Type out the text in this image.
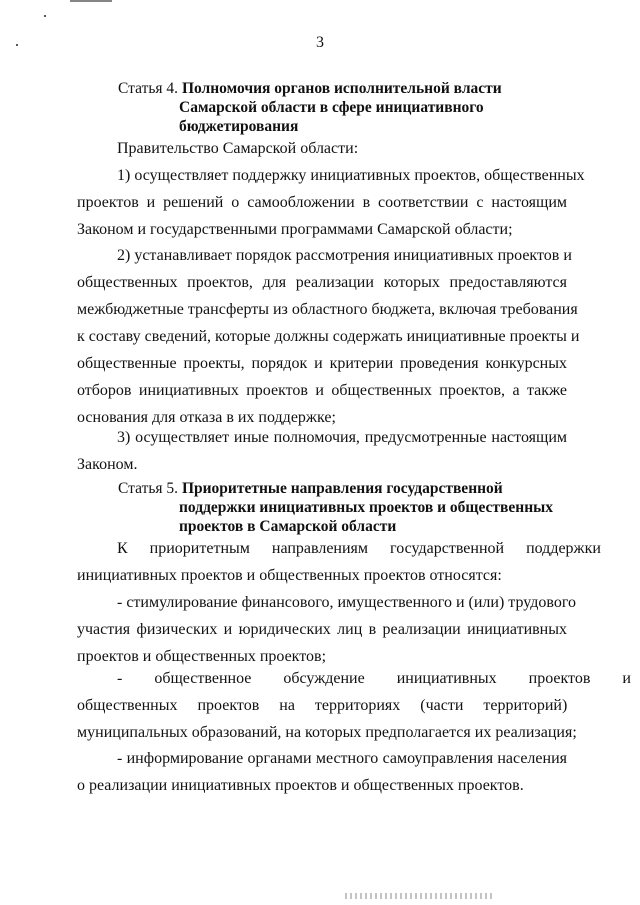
3
Статья 4. Полномочия органов исполнительной власти
Самарской области в сфере инициативного
бюджетирования
Правительство Самарской области:
1) осуществляет поддержку инициативных проектов, общественных
проектов и решений о самообложении в соответствии с настоящим
Законом и государственными программами Самарской области;
2) устанавливает порядок рассмотрения инициативных проектов и
общественных проектов, для реализации которых предоставляются
межбюджетные трансферты из областного бюджета, включая требования
к составу сведений, которые должны содержать инициативные проекты и
общественные проекты, порядок и критерии проведения конкурсных
отборов инициативных проектов и общественных проектов, а также
основания для отказа в их поддержке;
3) осуществляет иные полномочия, предусмотренные настоящим
Законом.
Статья 5. Приоритетные направления государственной
поддержки инициативных проектов и общественных
проектов в Самарской области
К приоритетным направлениям государственной поддержки
инициативных проектов и общественных проектов относятся:
- стимулирование финансового, имущественного и (или) трудового
участия физических и юридических лиц в реализации инициативных
проектов и общественных проектов;
- общественное обсуждение инициативных проектов и
общественных проектов на территориях (части территорий)
муниципальных образований, на которых предполагается их реализация;
- информирование органами местного самоуправления населения
о реализации инициативных проектов и общественных проектов.
